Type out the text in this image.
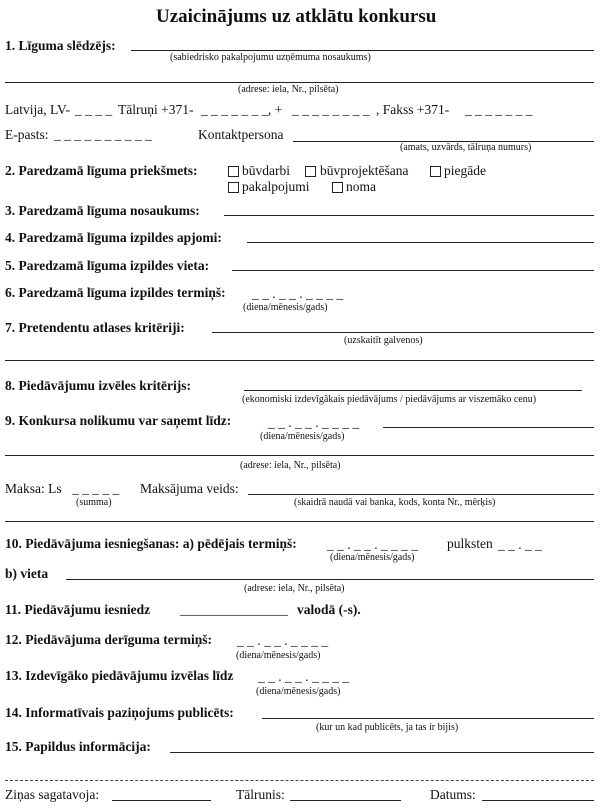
Uzaicinājums uz atklātu konkursu
1. Līguma slēdzējs:
(sabiedrisko pakalpojumu uzņēmuma nosaukums)
(adrese: iela, Nr., pilsēta)
Latvija, LV- _ _ _ _ Tālruņi +371- _ _ _ _ _ _ _ , + _ _ _ _ _ _ _ _ , Fakss +371- _ _ _ _ _ _ _
E-pasts: _ _ _ _ _ _ _ _ _ _	Kontaktpersona
(amats, uzvārds, tālruņa numurs)
2. Paredzamā līguma priekšmets:	būvdarbi būvprojektēšana	piegāde
pakalpojumi	noma
3. Paredzamā līguma nosaukums:
4. Paredzamā līguma izpildes apjomi:
5. Paredzamā līguma izpildes vieta:
6. Paredzamā līguma izpildes termiņš: _ _ . _ _ . _ _ _ _
(diena/mēnesis/gads)
7. Pretendentu atlases kritēriji:
(uzskaitīt galvenos)
8. Piedāvājumu izvēles kritērijs:
(ekonomiski izdevīgākais piedāvājums / piedāvājums ar viszemāko cenu)
9. Konkursa nolikumu var saņemt līdz:	_ _ . _ _ . _ _ _ _
(diena/mēnesis/gads)
(adrese: iela, Nr., pilsēta)
Maksa: Ls _ _ _ _ _
(summa)
Maksājuma veids:
(skaidrā naudā vai banka, kods, konta Nr., mērķis)
10. Piedāvājuma iesniegšanas: a) pēdējais termiņš: _ _ . _ _ . _ _ _ _ pulksten _ _ . _ _
(diena/mēnesis/gads)
b) vieta
(adrese: iela, Nr., pilsēta)
11. Piedāvājumu iesniedz ________________ valodā (-s).
12. Piedāvājuma derīguma termiņš: _ _ . _ _ . _ _ _ _
(diena/mēnesis/gads)
13. Izdevīgāko piedāvājumu izvēlas līdz _ _ . _ _ . _ _ _ _
(diena/mēnesis/gads)
14. Informatīvais paziņojums publicēts:
(kur un kad publicēts, ja tas ir bijis)
15. Papildus informācija:
Ziņas sagatavoja:	Tālrunis:	Datums:
